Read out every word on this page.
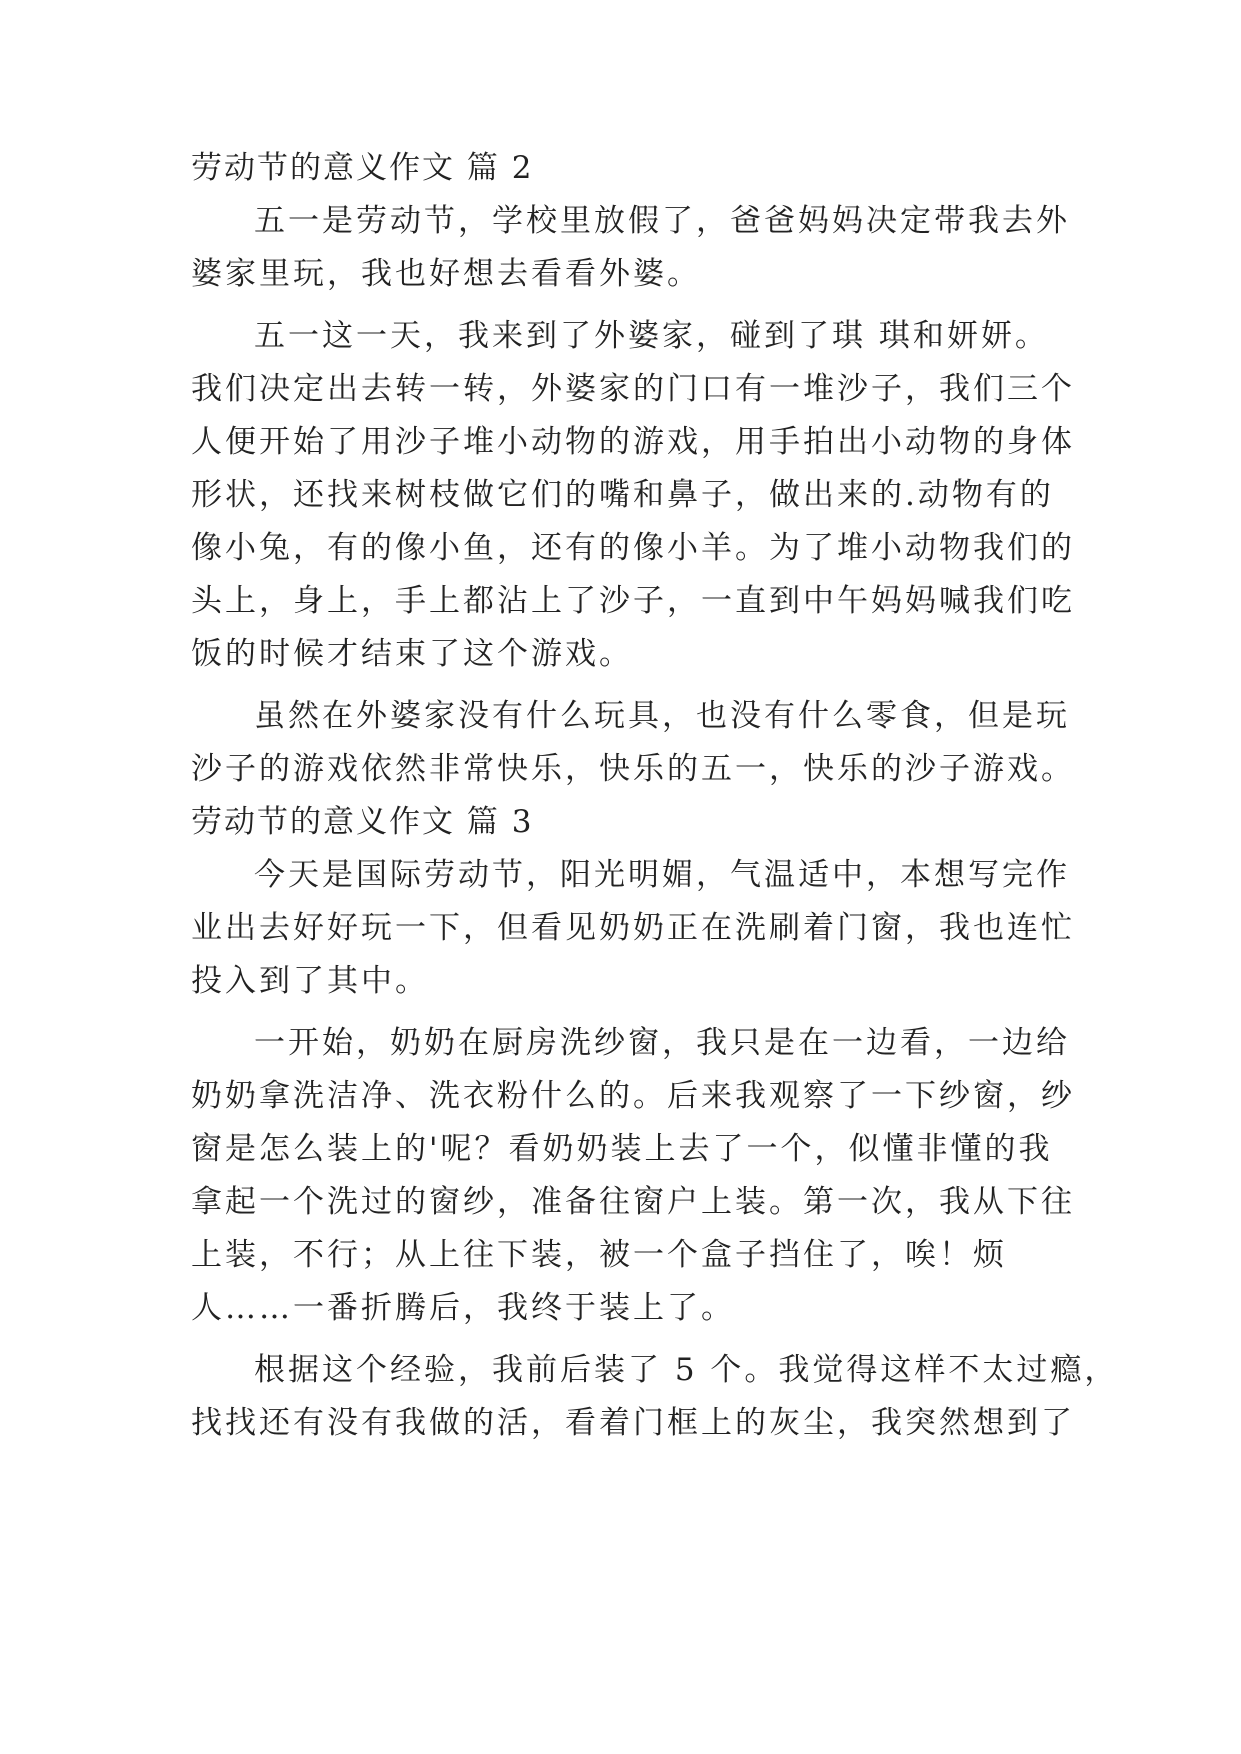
劳动节的意义作文 篇 2
五一是劳动节，学校里放假了，爸爸妈妈决定带我去外
婆家里玩，我也好想去看看外婆。
五一这一天，我来到了外婆家，碰到了琪 琪和妍妍。
我们决定出去转一转，外婆家的门口有一堆沙子，我们三个
人便开始了用沙子堆小动物的游戏，用手拍出小动物的身体
形状，还找来树枝做它们的嘴和鼻子，做出来的.动物有的
像小兔，有的像小鱼，还有的像小羊。为了堆小动物我们的
头上，身上，手上都沾上了沙子，一直到中午妈妈喊我们吃
饭的时候才结束了这个游戏。
虽然在外婆家没有什么玩具，也没有什么零食，但是玩
沙子的游戏依然非常快乐，快乐的五一，快乐的沙子游戏。
劳动节的意义作文 篇 3
今天是国际劳动节，阳光明媚，气温适中，本想写完作
业出去好好玩一下，但看见奶奶正在洗刷着门窗，我也连忙
投入到了其中。
一开始，奶奶在厨房洗纱窗，我只是在一边看，一边给
奶奶拿洗洁净、洗衣粉什么的。后来我观察了一下纱窗，纱
窗是怎么装上的'呢？看奶奶装上去了一个，似懂非懂的我
拿起一个洗过的窗纱，准备往窗户上装。第一次，我从下往
上装，不行；从上往下装，被一个盒子挡住了，唉！烦
人……一番折腾后，我终于装上了。
根据这个经验，我前后装了 5 个。我觉得这样不太过瘾，
找找还有没有我做的活，看着门框上的灰尘，我突然想到了
